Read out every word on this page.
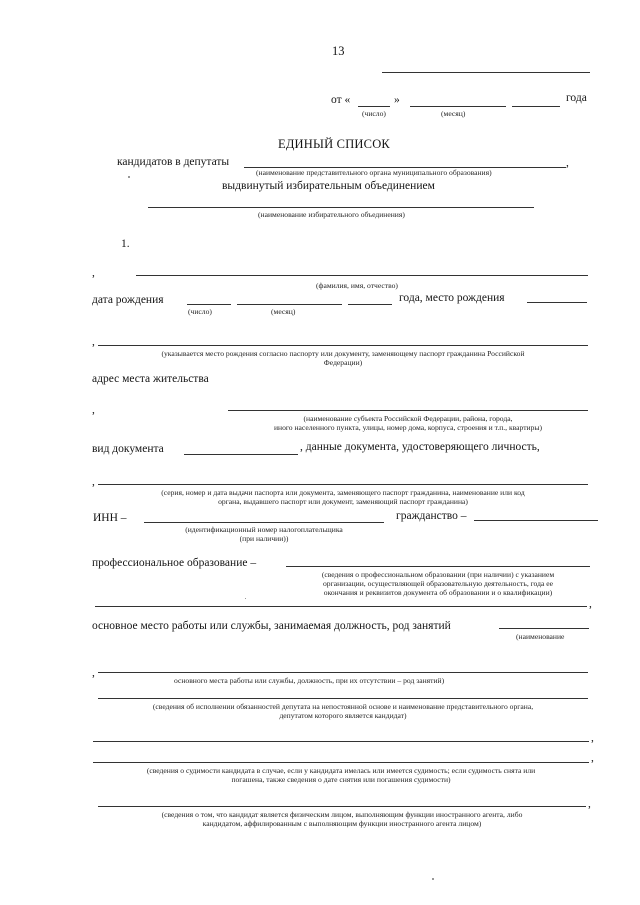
13
от «	»	года
(число)	(месяц)
ЕДИНЫЙ СПИСОК
кандидатов в депутаты	,
(наименование представительного органа муниципального образования)
выдвинутый избирательным объединением
(наименование избирательного объединения)
1.
,
(фамилия, имя, отчество)
дата рождения	года, место рождения
(число)	(месяц)
,
(указывается место рождения согласно паспорту или документу, заменяющему паспорт гражданина Российской
Федерации)
адрес места жительства
,
(наименование субъекта Российской Федерации, района, города,
иного населенного пункта, улицы, номер дома, корпуса, строения и т.п., квартиры)
вид документа	, данные документа, удостоверяющего личность,
,
(серия, номер и дата выдачи паспорта или документа, заменяющего паспорт гражданина, наименование или код
органа, выдавшего паспорт или документ, заменяющий паспорт гражданина)
ИНН –	гражданство –
(идентификационный номер налогоплательщика
(при наличии))
профессиональное образование –
(сведения о профессиональном образовании (при наличии) с указанием
организации, осуществляющей образовательную деятельность, года ее
окончания и реквизитов документа об образовании и о квалификации)
,
основное место работы или службы, занимаемая должность, род занятий
(наименование
,
основного места работы или службы, должность, при их отсутствии – род занятий)
(сведения об исполнении обязанностей депутата на непостоянной основе и наименование представительного органа,
депутатом которого является кандидат)
,
,
(сведения о судимости кандидата в случае, если у кандидата имелась или имеется судимость; если судимость снята или
погашена, также сведения о дате снятия или погашения судимости)
,
(сведения о том, что кандидат является физическим лицом, выполняющим функции иностранного агента, либо
кандидатом, аффилированным с выполняющим функции иностранного агента лицом)
